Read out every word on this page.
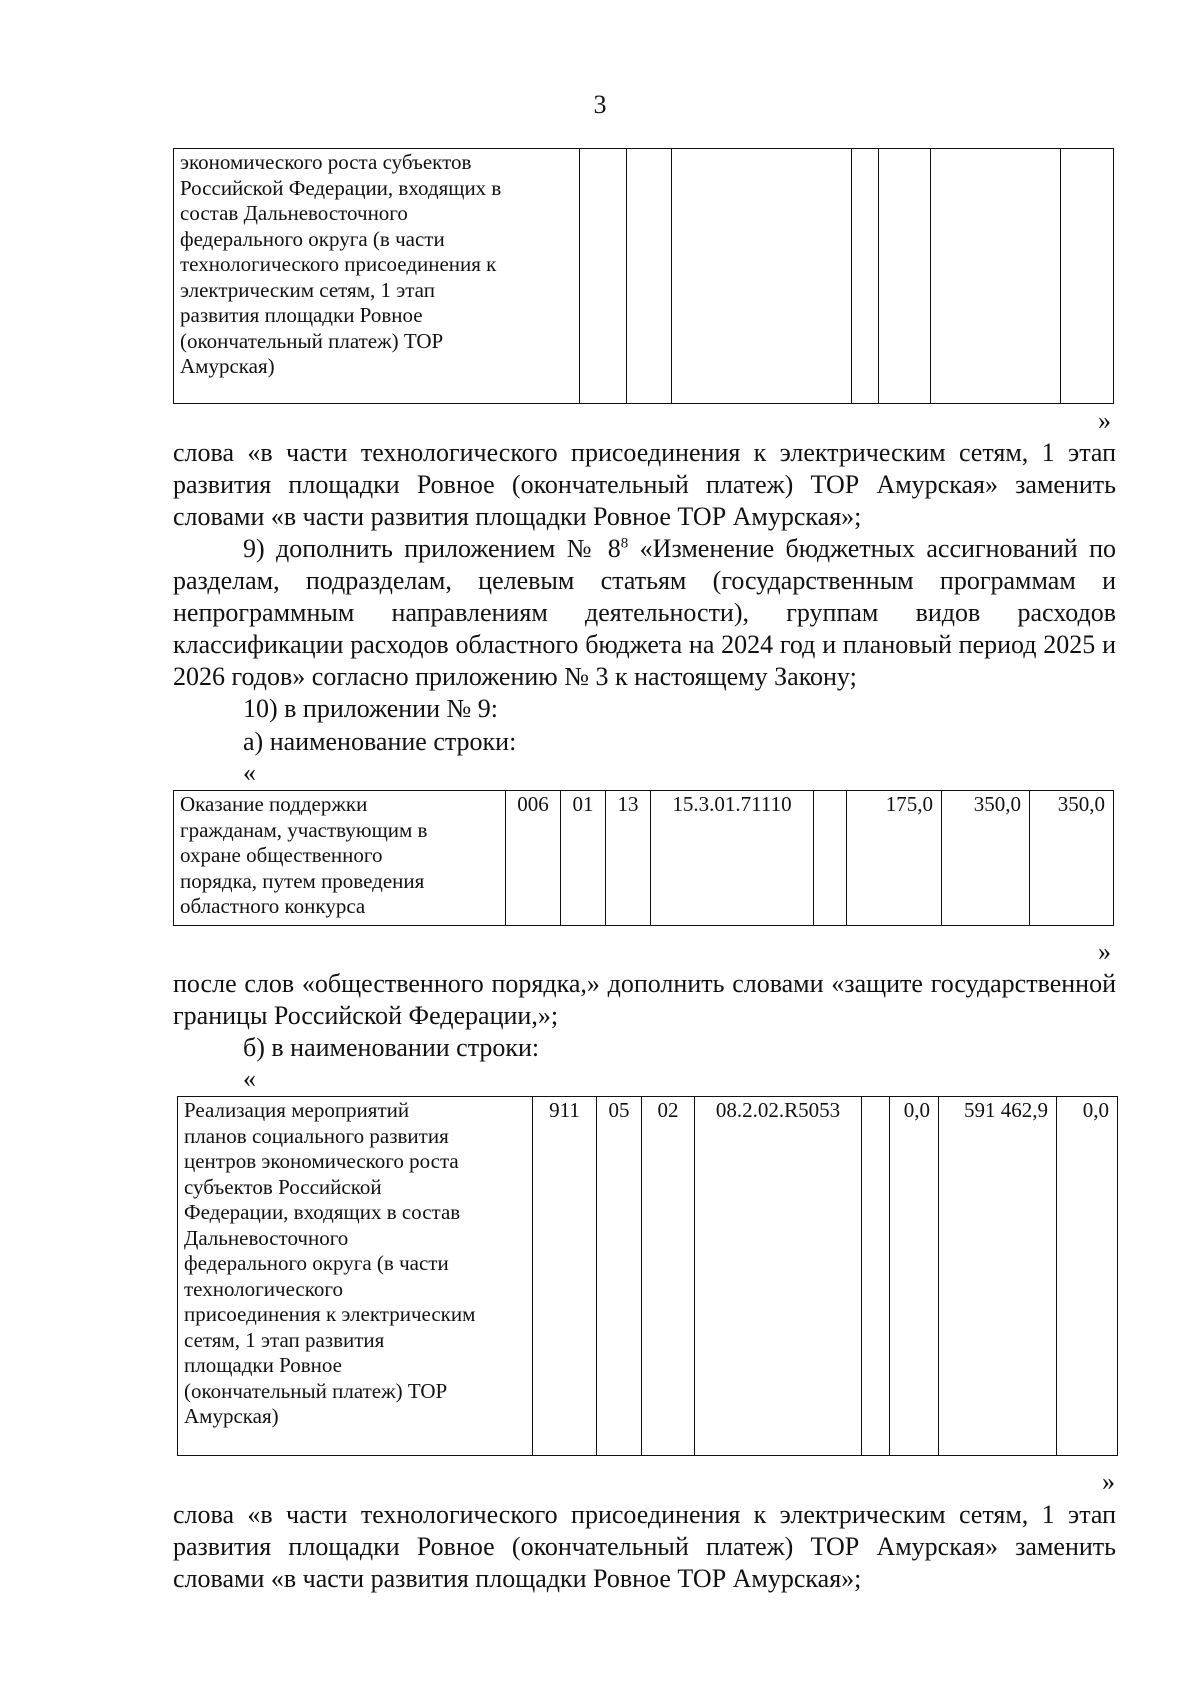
3
экономического роста субъектов
Российской Федерации, входящих в
состав Дальневосточного
федерального округа (в части
технологического присоединения к
электрическим сетям, 1 этап
развития площадки Ровное
(окончательный платеж) ТОР
Амурская)

»

слова «в части технологического присоединения к электрическим сетям, 1 этап развития площадки Ровное (окончательный платеж) ТОР Амурская» заменить словами «в части развития площадки Ровное ТОР Амурская»;

9) дополнить приложением № $8^8$ «Изменение бюджетных ассигнований по разделам, подразделам, целевым статьям (государственным программам и непрограммным направлениям деятельности), группам видов расходов классификации расходов областного бюджета на 2024 год и плановый период 2025 и 2026 годов» согласно приложению № 3 к настоящему Закону;

10) в приложении № 9:
а) наименование строки:
«
Оказание поддержки
гражданам, участвующим в
охране общественного
порядка, путем проведения
областного конкурса
	006	01	13	15.3.01.71110		175,0	350,0	350,0
»

после слов «общественного порядка,» дополнить словами «защите государственной границы Российской Федерации,»;

б) в наименовании строки:
«
Реализация мероприятий
планов социального развития
центров экономического роста
субъектов Российской
Федерации, входящих в состав
Дальневосточного
федерального округа (в части
технологического
присоединения к электрическим
сетям, 1 этап развития
площадки Ровное
(окончательный платеж) ТОР
Амурская)
	911	05	02	08.2.02.R5053		0,0	591 462,9	0,0
»

слова «в части технологического присоединения к электрическим сетям, 1 этап развития площадки Ровное (окончательный платеж) ТОР Амурская» заменить словами «в части развития площадки Ровное ТОР Амурская»;
